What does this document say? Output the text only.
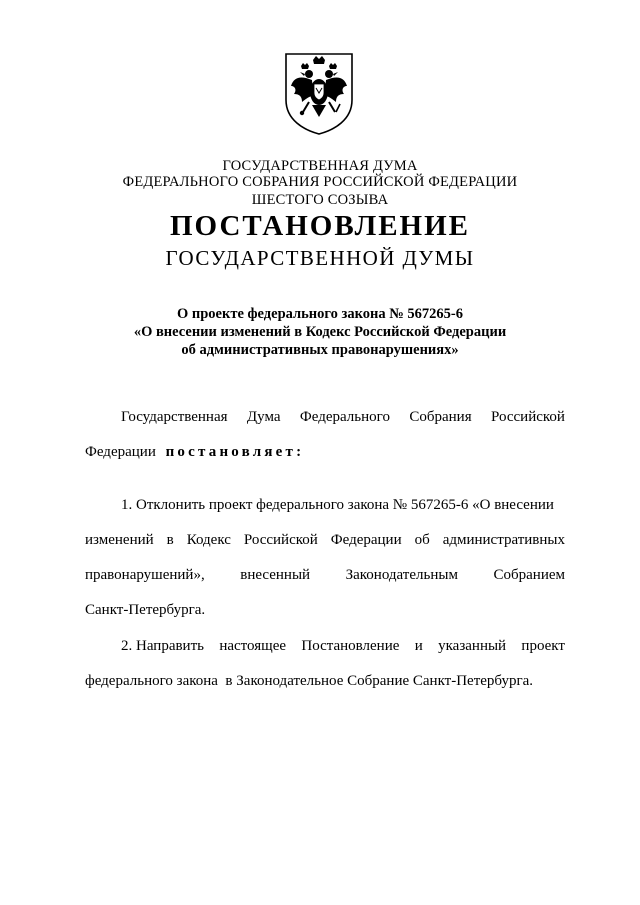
ГОСУДАРСТВЕННАЯ ДУМА
ФЕДЕРАЛЬНОГО СОБРАНИЯ РОССИЙСКОЙ ФЕДЕРАЦИИ
ШЕСТОГО СОЗЫВА
ПОСТАНОВЛЕНИЕ
ГОСУДАРСТВЕННОЙ ДУМЫ
О проекте федерального закона № 567265-6
«О внесении изменений в Кодекс Российской Федерации
об административных правонарушениях»
Государственная Дума Федерального Собрания Российской
Федерации постановляет:
1. Отклонить проект федерального закона № 567265-6 «О внесении
изменений в Кодекс Российской Федерации об административных
правонарушений», внесенный Законодательным Собранием
Санкт-Петербурга.
2. Направить настоящее Постановление и указанный проект
федерального закона  в Законодательное Собрание Санкт-Петербурга.
